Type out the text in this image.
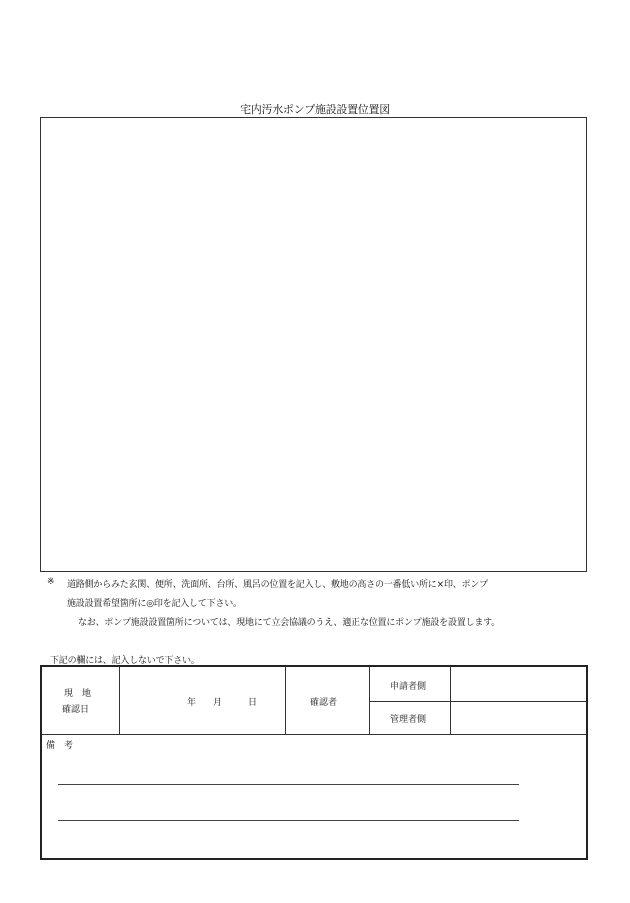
宅内汚水ポンプ施設設置位置図
※ 道路側からみた玄関、便所、洗面所、台所、風呂の位置を記入し、敷地の高さの一番低い所に×印、ポンプ
施設設置希望箇所に◎印を記入して下さい。
なお、ポンプ施設設置箇所については、現地にて立会協議のうえ、適正な位置にポンプ施設を設置します。
下記の欄には、記入しないで下さい。
現　地
確認日
年 月	日	確認者
申請者側
管理者側
備　考
